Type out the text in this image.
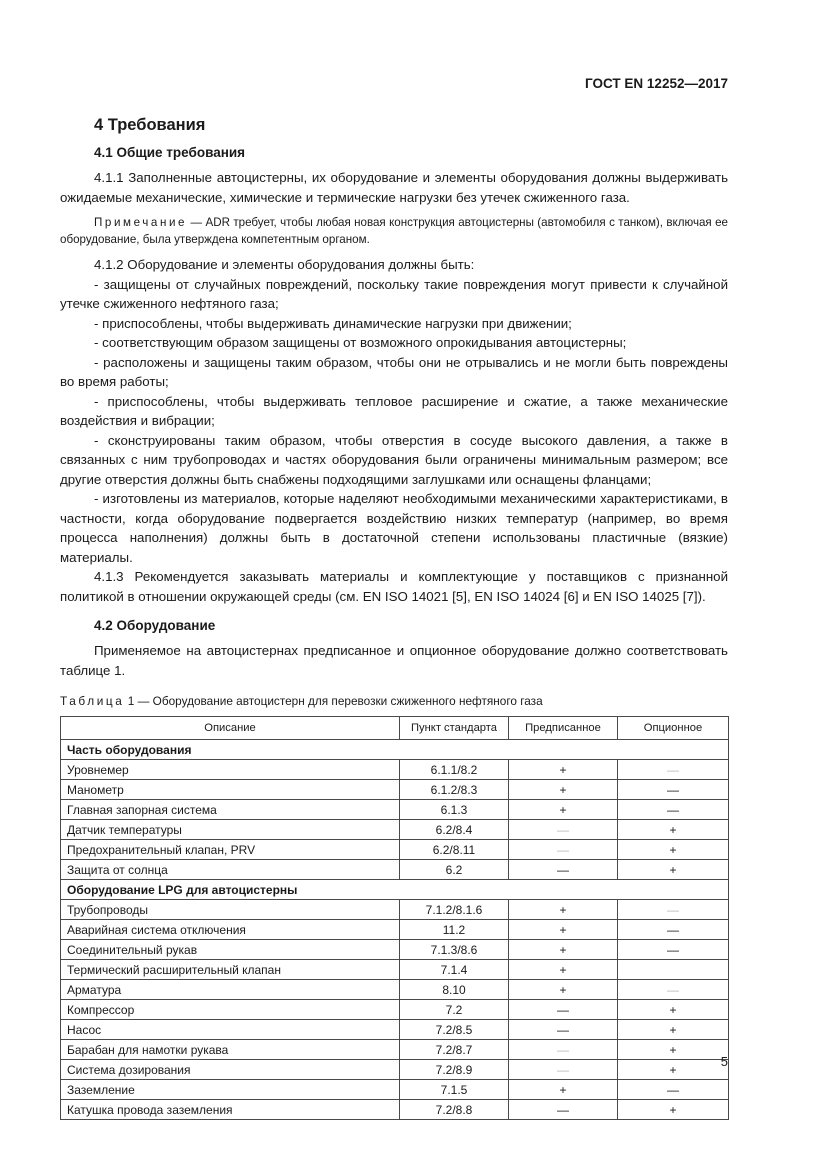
ГОСТ EN 12252—2017
4 Требования
4.1 Общие требования

4.1.1 Заполненные автоцистерны, их оборудование и элементы оборудования должны выдерживать ожидаемые механические, химические и термические нагрузки без утечек сжиженного газа.

Примечание — ADR требует, чтобы любая новая конструкция автоцистерны (автомобиля с танком), включая ее оборудование, была утверждена компетентным органом.

4.1.2 Оборудование и элементы оборудования должны быть:

- защищены от случайных повреждений, поскольку такие повреждения могут привести к случайной утечке сжиженного нефтяного газа;

- приспособлены, чтобы выдерживать динамические нагрузки при движении;

- соответствующим образом защищены от возможного опрокидывания автоцистерны;

- расположены и защищены таким образом, чтобы они не отрывались и не могли быть повреждены во время работы;

- приспособлены, чтобы выдерживать тепловое расширение и сжатие, а также механические воздействия и вибрации;

- сконструированы таким образом, чтобы отверстия в сосуде высокого давления, а также в связанных с ним трубопроводах и частях оборудования были ограничены минимальным размером; все другие отверстия должны быть снабжены подходящими заглушками или оснащены фланцами;

- изготовлены из материалов, которые наделяют необходимыми механическими характеристиками, в частности, когда оборудование подвергается воздействию низких температур (например, во время процесса наполнения) должны быть в достаточной степени использованы пластичные (вязкие) материалы.

4.1.3 Рекомендуется заказывать материалы и комплектующие у поставщиков с признанной политикой в отношении окружающей среды (см. EN ISO 14021 [5], EN ISO 14024 [6] и EN ISO 14025 [7]).

4.2 Оборудование

Применяемое на автоцистернах предписанное и опционное оборудование должно соответствовать таблице 1.

Таблица 1 — Оборудование автоцистерн для перевозки сжиженного нефтяного газа
Описание	Пункт стандарта	Предписанное	Опционное
Часть оборудования			
Уровнемер	6.1.1/8.2	+	—
Манометр	6.1.2/8.3	+	—
Главная запорная система	6.1.3	+	—
Датчик температуры	6.2/8.4	—	+
Предохранительный клапан, PRV	6.2/8.11	—	+
Защита от солнца	6.2	—	+
Оборудование LPG для автоцистерны			
Трубопроводы	7.1.2/8.1.6	+	—
Аварийная система отключения	11.2	+	—
Соединительный рукав	7.1.3/8.6	+	—
Термический расширительный клапан	7.1.4	+	
Арматура	8.10	+	—
Компрессор	7.2	—	+
Насос	7.2/8.5	—	+
Барабан для намотки рукава	7.2/8.7	—	+
Система дозирования	7.2/8.9	—	+
Заземление	7.1.5	+	—
Катушка провода заземления	7.2/8.8	—	+
5
